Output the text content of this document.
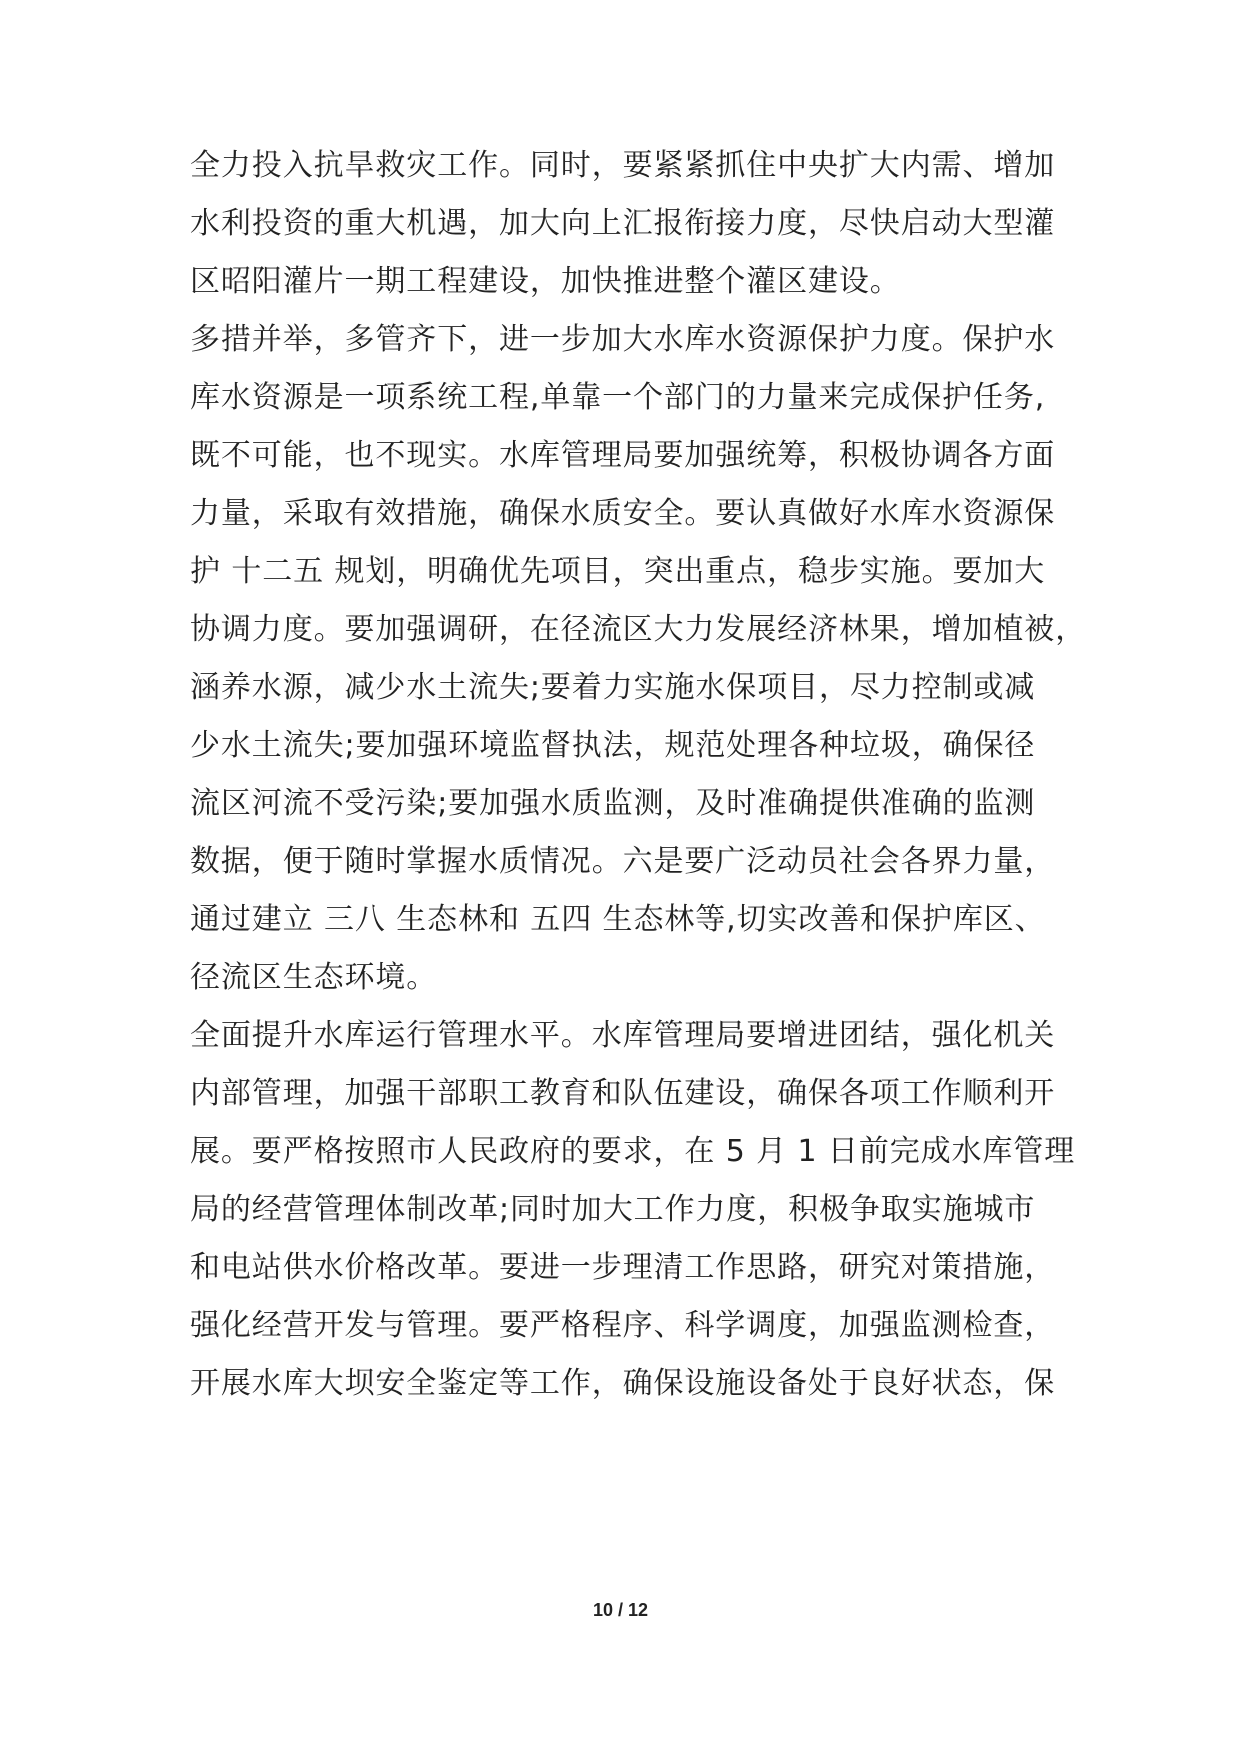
全力投入抗旱救灾工作。同时，要紧紧抓住中央扩大内需、增加
水利投资的重大机遇，加大向上汇报衔接力度，尽快启动大型灌
区昭阳灌片一期工程建设，加快推进整个灌区建设。
多措并举，多管齐下，进一步加大水库水资源保护力度。保护水
库水资源是一项系统工程,单靠一个部门的力量来完成保护任务,
既不可能，也不现实。水库管理局要加强统筹，积极协调各方面
力量，采取有效措施，确保水质安全。要认真做好水库水资源保
护 十二五 规划，明确优先项目，突出重点，稳步实施。要加大
协调力度。要加强调研，在径流区大力发展经济林果，增加植被，
涵养水源，减少水土流失;要着力实施水保项目，尽力控制或减
少水土流失;要加强环境监督执法，规范处理各种垃圾，确保径
流区河流不受污染;要加强水质监测，及时准确提供准确的监测
数据，便于随时掌握水质情况。六是要广泛动员社会各界力量，
通过建立 三八 生态林和 五四 生态林等,切实改善和保护库区、
径流区生态环境。
全面提升水库运行管理水平。水库管理局要增进团结，强化机关
内部管理，加强干部职工教育和队伍建设，确保各项工作顺利开
展。要严格按照市人民政府的要求，在 5 月 1 日前完成水库管理
局的经营管理体制改革;同时加大工作力度，积极争取实施城市
和电站供水价格改革。要进一步理清工作思路，研究对策措施，
强化经营开发与管理。要严格程序、科学调度，加强监测检查，
开展水库大坝安全鉴定等工作，确保设施设备处于良好状态，保
10 / 12
